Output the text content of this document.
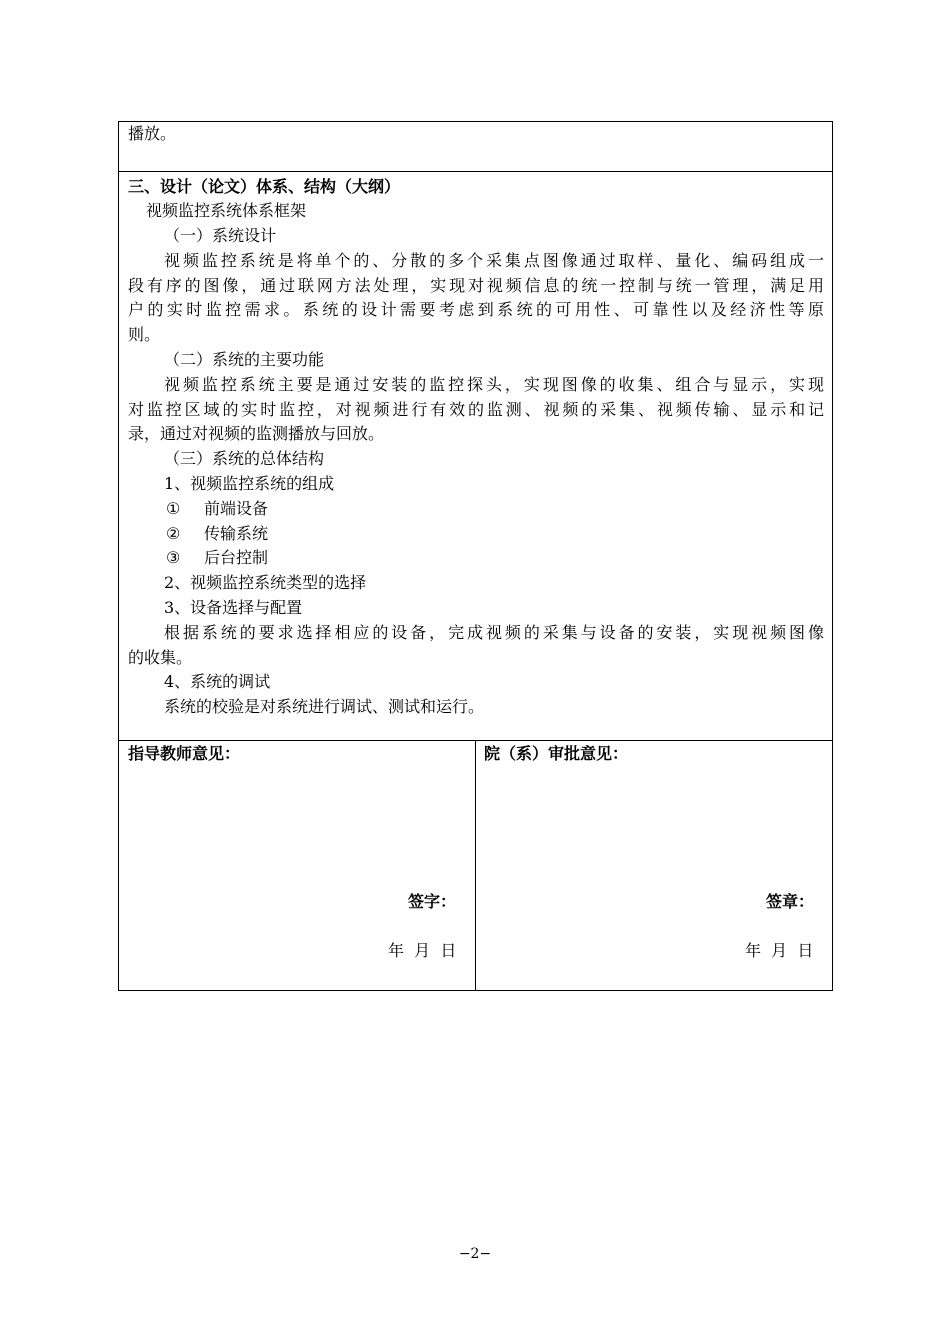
播放。
三、设计（论文）体系、结构（大纲）
视频监控系统体系框架
（一）系统设计
视频监控系统是将单个的、分散的多个采集点图像通过取样、量化、编码组成一
段有序的图像，通过联网方法处理，实现对视频信息的统一控制与统一管理，满足用
户的实时监控需求。系统的设计需要考虑到系统的可用性、可靠性以及经济性等原
则。
（二）系统的主要功能
视频监控系统主要是通过安装的监控探头，实现图像的收集、组合与显示，实现
对监控区域的实时监控，对视频进行有效的监测、视频的采集、视频传输、显示和记
录，通过对视频的监测播放与回放。
（三）系统的总体结构
1、视频监控系统的组成
① 前端设备
② 传输系统
③ 后台控制
2、视频监控系统类型的选择
3、设备选择与配置
根据系统的要求选择相应的设备，完成视频的采集与设备的安装，实现视频图像
的收集。
4、系统的调试
系统的校验是对系统进行调试、测试和运行。
指导教师意见：
签字：
年  月  日
院（系）审批意见：
签章：
年  月  日
−2−
